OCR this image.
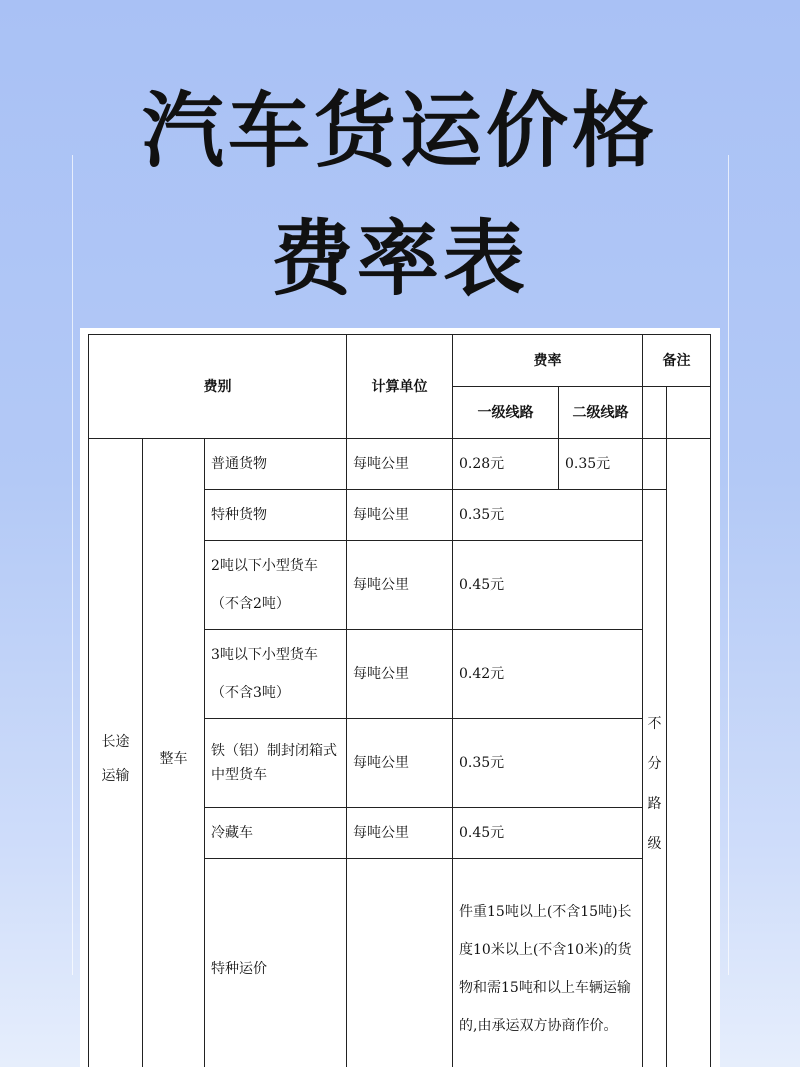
汽车货运价格
费率表
费别			计算单位	费率		备注	
				一级线路	二级线路		
长途运输	整车	普通货物	每吨公里	0.28元	0.35元		
		特种货物	每吨公里	0.35元		不分路级	
		2吨以下小型货车（不含2吨）	每吨公里	0.45元			
		3吨以下小型货车（不含3吨）	每吨公里	0.42元			
		铁（铝）制封闭箱式中型货车	每吨公里	0.35元			
		冷藏车	每吨公里	0.45元			
		特种运价		件重15吨以上(不含15吨)长度10米以上(不含10米)的货物和需15吨和以上车辆运输的,由承运双方协商作价。			
